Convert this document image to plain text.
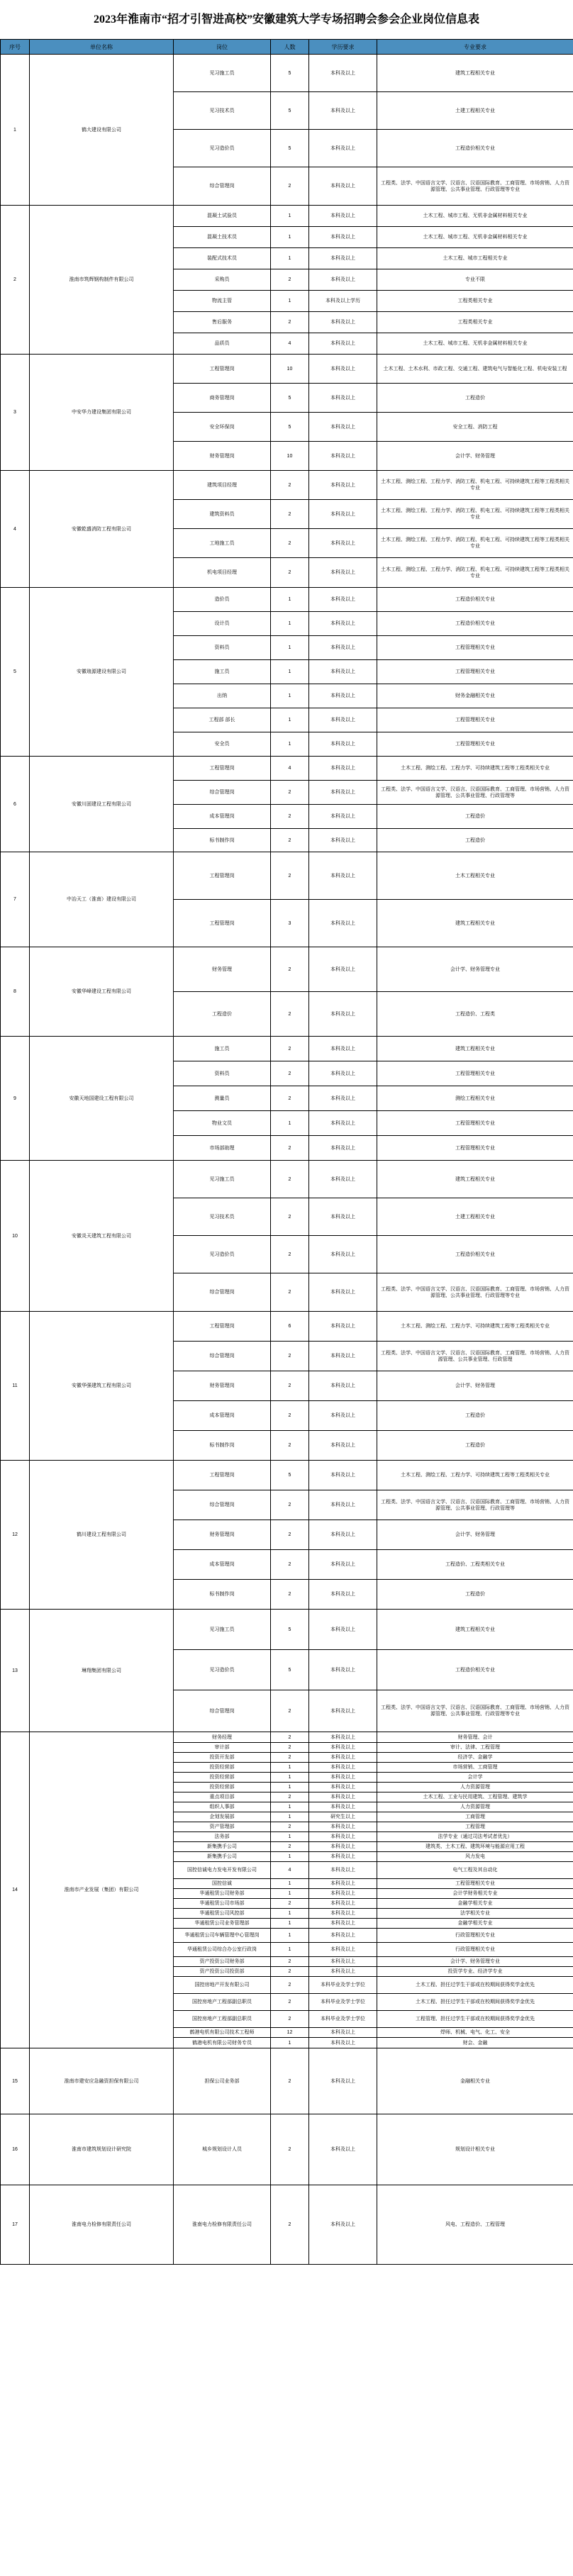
2023年淮南市“招才引智进高校”安徽建筑大学专场招聘会参会企业岗位信息表
序号	单位名称	岗位	人数	学历要求	专业要求
1	鹤大建设有限公司	见习施工员	5	本科及以上	建筑工程相关专业
		见习技术员	5	本科及以上	土建工程相关专业
		见习造价员	5	本科及以上	工程造价相关专业
		综合管理岗	2	本科及以上	工程类、法学、中国语言文学、汉语言、汉语国际教育、工商管理、市场营销、人力资源管理、公共事业管理、行政管理等专业
2	淮南市筑辉钢构制件有限公司	混凝土试验员	1	本科及以上	土木工程、城市工程、无机非金属材料相关专业
		混凝土技术员	1	本科及以上	土木工程、城市工程、无机非金属材料相关专业
		装配式技术员	1	本科及以上	土木工程、城市工程相关专业
		采购员	2	本科及以上	专业不限
		物流主管	1	本科及以上学历	工程类相关专业
		售后服务	2	本科及以上	工程类相关专业
		品质员	4	本科及以上	土木工程、城市工程、无机非金属材料相关专业
3	中安华力建设集团有限公司	工程管理岗	10	本科及以上	土木工程、土木水利、市政工程、交通工程、建筑电气与智能化工程、机电安装工程
		商务管理岗	5	本科及以上	工程造价
		安全环保岗	5	本科及以上	安全工程、消防工程
		财务管理岗	10	本科及以上	会计学、财务管理
4	安徽乾盛消防工程有限公司	建筑项目经理	2	本科及以上	土木工程、测绘工程、工程力学、消防工程、机电工程、可持续建筑工程等工程类相关专业
		建筑资料员	2	本科及以上	土木工程、测绘工程、工程力学、消防工程、机电工程、可持续建筑工程等工程类相关专业
		工地施工员	2	本科及以上	土木工程、测绘工程、工程力学、消防工程、机电工程、可持续建筑工程等工程类相关专业
		机电项目经理	2	本科及以上	土木工程、测绘工程、工程力学、消防工程、机电工程、可持续建筑工程等工程类相关专业
5	安徽琅源建设有限公司	造价员	1	本科及以上	工程造价相关专业
		设计员	1	本科及以上	工程造价相关专业
		资料员	1	本科及以上	工程管理相关专业
		施工员	1	本科及以上	工程管理相关专业
		出纳	1	本科及以上	财务金融相关专业
		工程部 部长	1	本科及以上	工程管理相关专业
		安全员	1	本科及以上	工程管理相关专业
6	安徽川固建设工程有限公司	工程管理岗	4	本科及以上	土木工程、测绘工程、工程力学、可持续建筑工程等工程类相关专业
		综合管理岗	2	本科及以上	工程类、法学、中国语言文学、汉语言、汉语国际教育、工商管理、市场营销、人力资源管理、公共事业管理、行政管理等
		成本管理岗	2	本科及以上	工程造价
		标书制作岗	2	本科及以上	工程造价
7	中冶天工（淮南）建设有限公司	工程管理岗	2	本科及以上	土木工程相关专业
		工程管理岗	3	本科及以上	建筑工程相关专业
8	安徽华峰建设工程有限公司	财务管理	2	本科及以上	会计学、财务管理专业
		工程造价	2	本科及以上	工程造价、工程类
9	安徽天地国建设工程有限公司	施工员	2	本科及以上	建筑工程相关专业
		资料员	2	本科及以上	工程管理相关专业
		测量员	2	本科及以上	测绘工程相关专业
		物业文员	1	本科及以上	工程管理相关专业
		市场部助理	2	本科及以上	工程管理相关专业
10	安徽炎天建筑工程有限公司	见习施工员	2	本科及以上	建筑工程相关专业
		见习技术员	2	本科及以上	土建工程相关专业
		见习造价员	2	本科及以上	工程造价相关专业
		综合管理岗	2	本科及以上	工程类、法学、中国语言文学、汉语言、汉语国际教育、工商管理、市场营销、人力资源管理、公共事业管理、行政管理等专业
11	安徽华强建筑工程有限公司	工程管理岗	6	本科及以上	土木工程、测绘工程、工程力学、可持续建筑工程等工程类相关专业
		综合管理岗	2	本科及以上	工程类、法学、中国语言文学、汉语言、汉语国际教育、工商管理、市场营销、人力资源管理、公共事业管理、行政管理
		财务管理岗	2	本科及以上	会计学、财务管理
		成本管理岗	2	本科及以上	工程造价
		标书制作岗	2	本科及以上	工程造价
12	鹤川建设工程有限公司	工程管理岗	5	本科及以上	土木工程、测绘工程、工程力学、可持续建筑工程等工程类相关专业
		综合管理岗	2	本科及以上	工程类、法学、中国语言文学、汉语言、汉语国际教育、工商管理、市场营销、人力资源管理、公共事业管理、行政管理等
		财务管理岗	2	本科及以上	会计学、财务管理
		成本管理岗	2	本科及以上	工程造价、工程类相关专业
		标书制作岗	2	本科及以上	工程造价
13	琳翔集团有限公司	见习施工员	5	本科及以上	建筑工程相关专业
		见习造价员	5	本科及以上	工程造价相关专业
		综合管理岗	2	本科及以上	工程类、法学、中国语言文学、汉语言、汉语国际教育、工商管理、市场营销、人力资源管理、公共事业管理、行政管理等专业
14	淮南市产业发展（集团）有限公司	财务经理	2	本科及以上	财务管理、会计
		审计部	2	本科及以上	审计、法律、工程管理
		投资开发部	2	本科及以上	经济学、金融学
		投资经营部	1	本科及以上	市场营销、工商管理
		投资经营部	1	本科及以上	会计学
		投资经营部	1	本科及以上	人力资源管理
		重点项目部	2	本科及以上	土木工程、工业与民用建筑、工程管理、建筑学
		组织人事部	1	本科及以上	人力资源管理
		企划发展部	1	研究生以上	工商管理
		资产管理部	2	本科及以上	工程管理
		法务部	1	本科及以上	法学专业（通过司法考试者优先）
		新集携手公司	2	本科及以上	建筑类、土木工程、建筑环境与能源应用工程
		新集携手公司	1	本科及以上	风力发电
		国控信诚电力发电开发有限公司	4	本科及以上	电气工程及其自动化
		国控信诚	1	本科及以上	工程管理相关专业
		华通租赁公司财务部	1	本科及以上	会计学财务相关专业
		华通租赁公司市场部	2	本科及以上	金融学相关专业
		华通租赁公司风控部	1	本科及以上	法学相关专业
		华通租赁公司业务管理部	1	本科及以上	金融学相关专业
		华通租赁公司车辆管理中心管理岗	1	本科及以上	行政管理相关专业
		华通租赁公司综合办公室行政岗	1	本科及以上	行政管理相关专业
		资产投资公司财务部	2	本科及以上	会计学、财务管理专业
		资产投资公司投资部	2	本科及以上	投资学专业、经济学专业
		国控房地产开发有限公司	2	本科毕业及学士学位	土木工程、担任过学生干部或在校期间获得奖学金优先
		国控房地产工程部副总职员	2	本科毕业及学士学位	土木工程、担任过学生干部或在校期间获得奖学金优先
		国控房地产工程部副总职员	2	本科毕业及学士学位	工程管理、担任过学生干部或在校期间获得奖学金优先
		鹤港电机有限公司技术工程师	12	本科及以上	焊师、机械、电气、化工、安全
		鹤港电机有限公司财务专员	1	本科及以上	财会、金融
15	淮南市建安应急融资担保有限公司	担保公司业务部	2	本科及以上	金融相关专业
16	淮南市建筑规划设计研究院	城乡规划设计人员	2	本科及以上	规划设计相关专业
17	淮南电力检修有限责任公司	淮南电力检修有限责任公司	2	本科及以上	风电、工程造价、工程管理
